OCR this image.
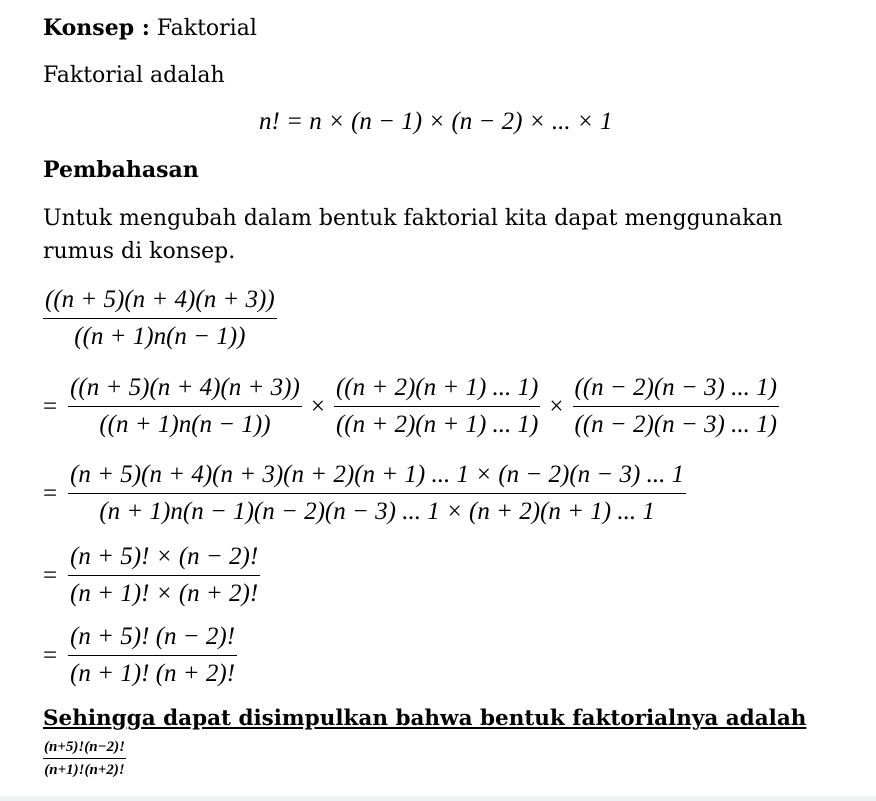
Konsep : Faktorial
Faktorial adalah
n! = n × (n − 1) × (n − 2) × ... × 1
Pembahasan
Untuk mengubah dalam bentuk faktorial kita dapat menggunakan
rumus di konsep.
$\frac{((n + 5)(n + 4)(n + 3))}{((n + 1)n(n - 1))}$
= $\frac{((n + 5)(n + 4)(n + 3))}{((n + 1)n(n - 1))} \times \frac{((n + 2)(n + 1) ... 1)}{((n + 2)(n + 1) ... 1)} \times \frac{((n - 2)(n - 3) ... 1)}{((n - 2)(n - 3) ... 1)}$
=
(n + 5)(n + 4)(n + 3)(n + 2)(n + 1) ... 1 × (n − 2)(n − 3) ... 1
(n + 1)n(n − 1)(n − 2)(n − 3) ... 1 × (n + 2)(n + 1) ... 1
= $\frac{(n + 5)! \times (n - 2)!}{(n + 1)! \times (n + 2)!}$
= $\frac{(n + 5)! (n - 2)!}{(n + 1)! (n + 2)!}$
Sehingga dapat disimpulkan bahwa bentuk faktorialnya adalah
$\frac{(n+5)!(n-2)!}{(n+1)!(n+2)!}$
